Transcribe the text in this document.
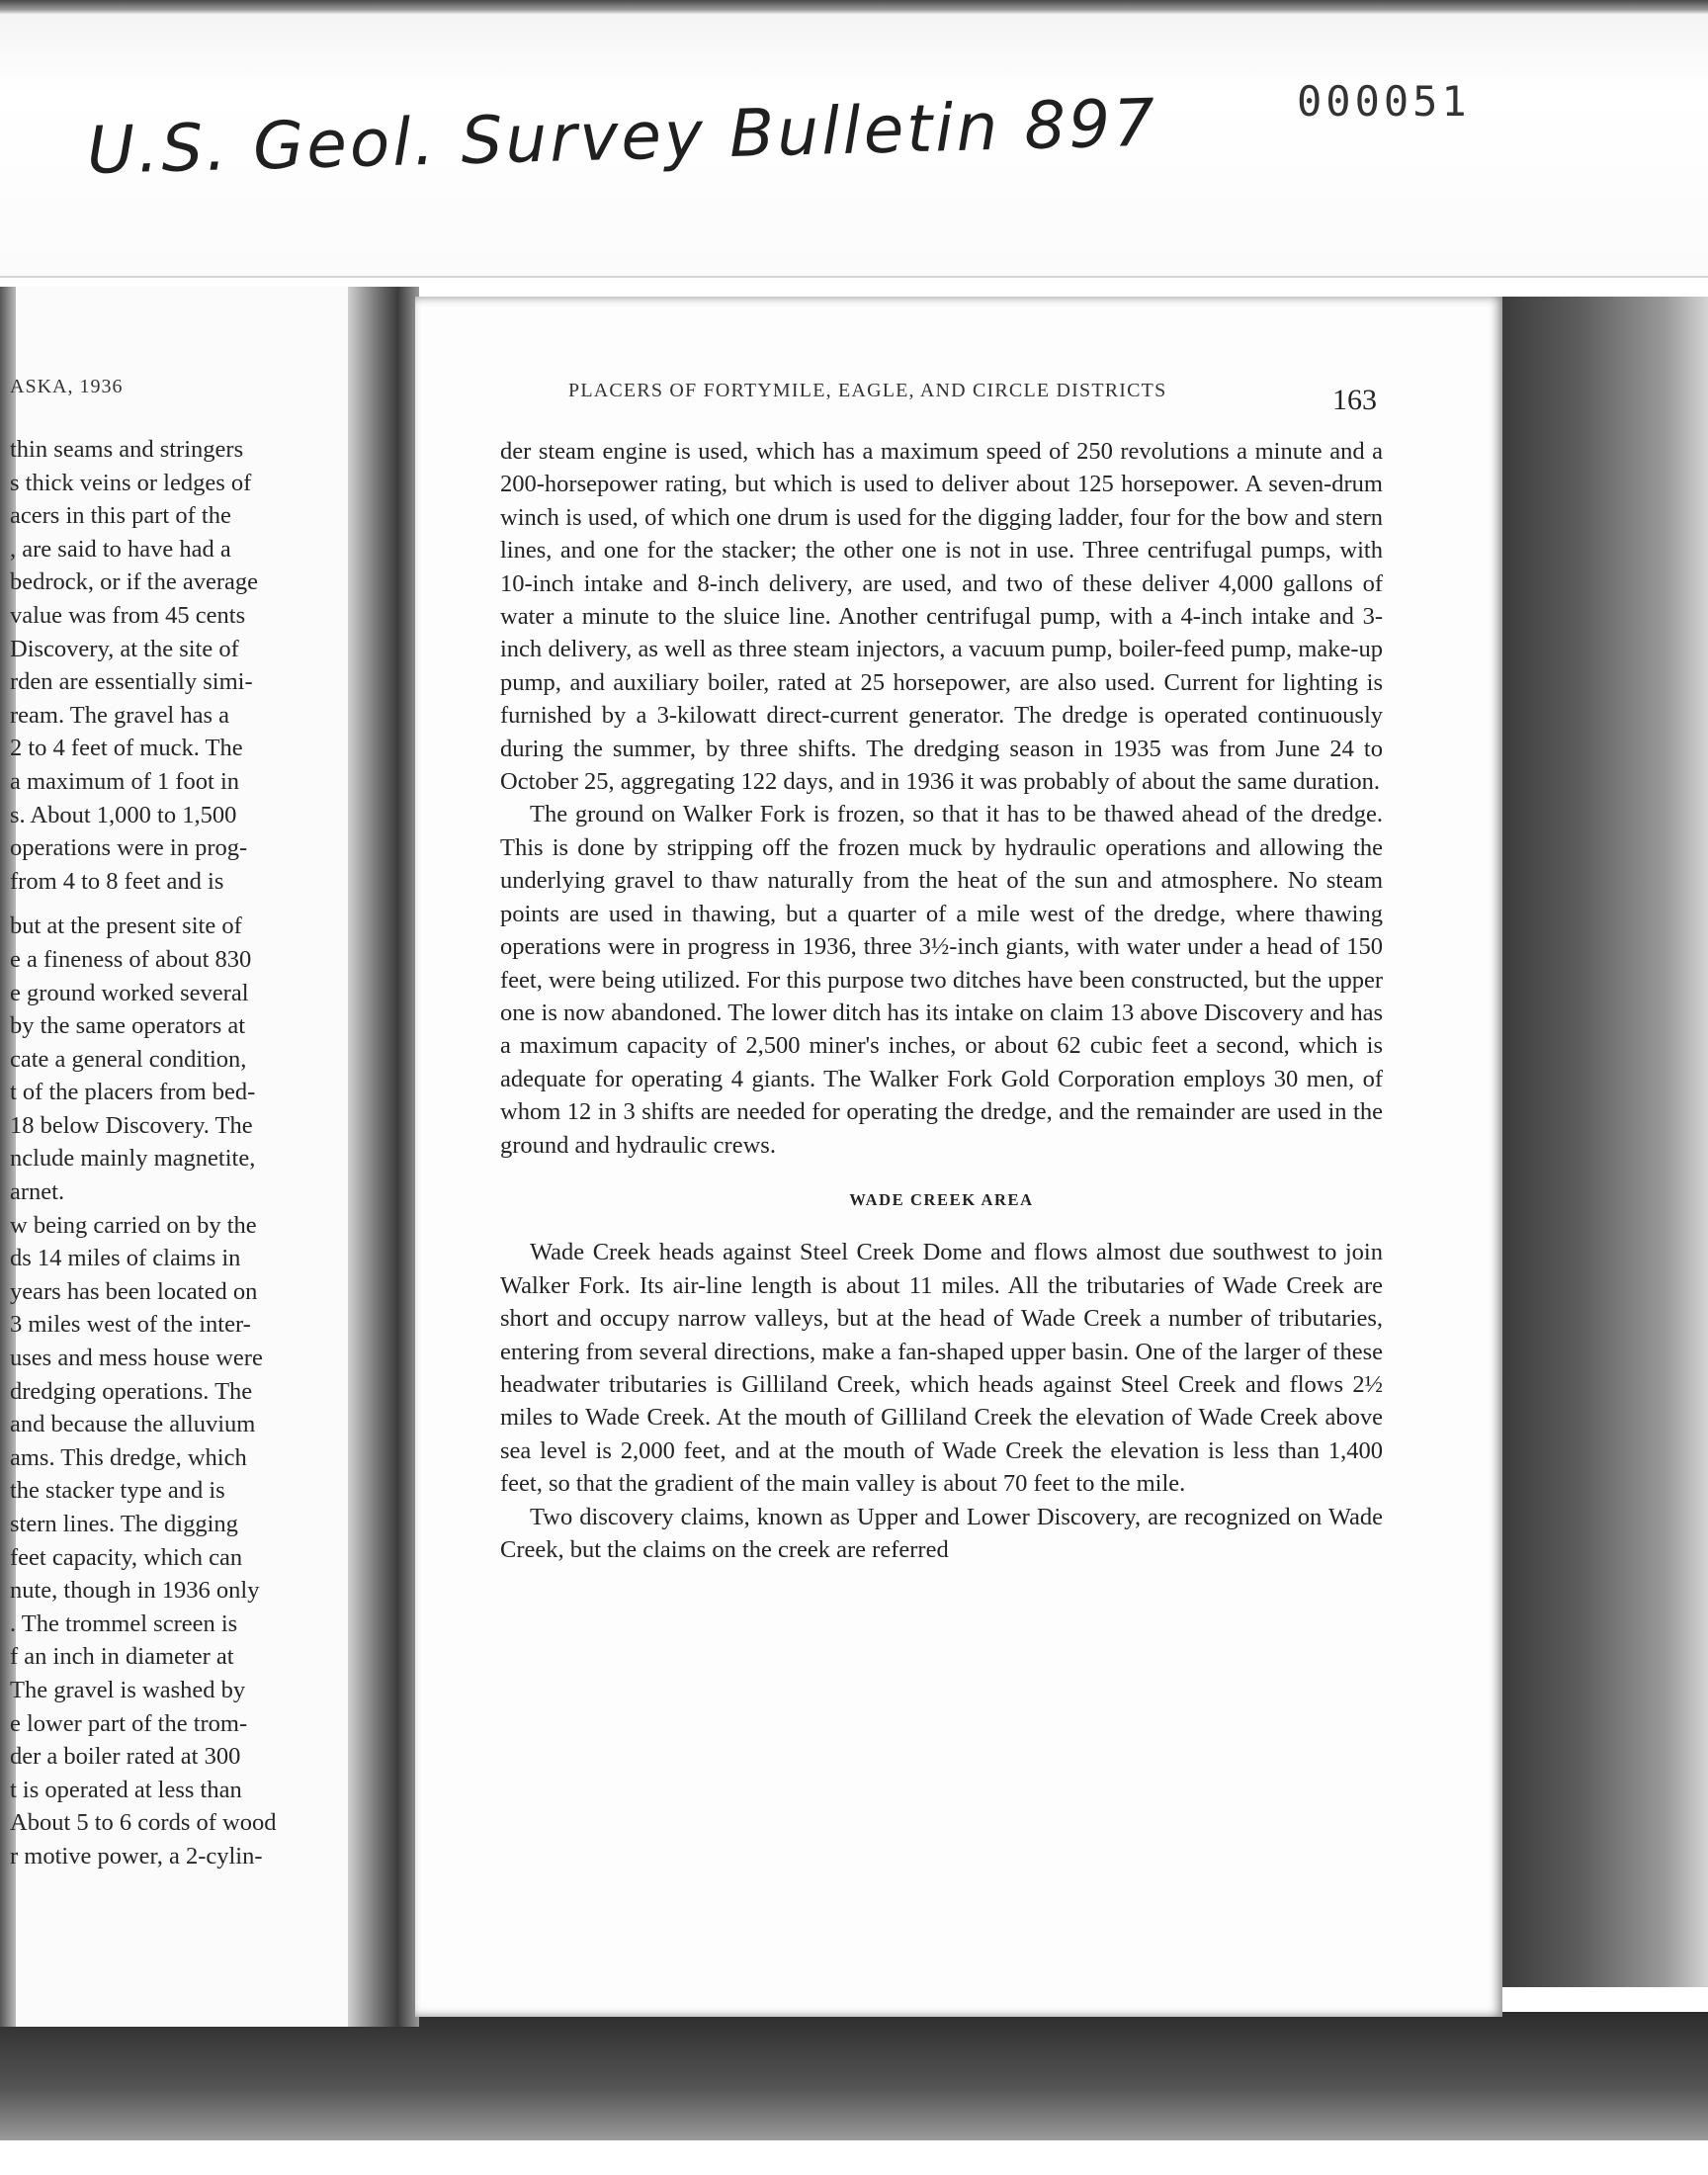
000051
U.S. Geol. Survey Bulletin 897
ASKA, 1936
thin seams and stringers
s thick veins or ledges of
acers in this part of the
, are said to have had a
bedrock, or if the average
value was from 45 cents
Discovery, at the site of
rden are essentially simi-
ream. The gravel has a
2 to 4 feet of muck. The
a maximum of 1 foot in
s. About 1,000 to 1,500
operations were in prog-
from 4 to 8 feet and is
but at the present site of
e a fineness of about 830
e ground worked several
by the same operators at
cate a general condition,
t of the placers from bed-
18 below Discovery. The
nclude mainly magnetite,
arnet.
w being carried on by the
ds 14 miles of claims in
years has been located on
3 miles west of the inter-
uses and mess house were
dredging operations. The
and because the alluvium
ams. This dredge, which
the stacker type and is
stern lines. The digging
feet capacity, which can
nute, though in 1936 only
. The trommel screen is
f an inch in diameter at
The gravel is washed by
e lower part of the trom-
der a boiler rated at 300
t is operated at less than
About 5 to 6 cords of wood
r motive power, a 2-cylin-
PLACERS OF FORTYMILE, EAGLE, AND CIRCLE DISTRICTS	163

der steam engine is used, which has a maximum speed of 250 revolutions a minute and a 200-horsepower rating, but which is used to deliver about 125 horsepower. A seven-drum winch is used, of which one drum is used for the digging ladder, four for the bow and stern lines, and one for the stacker; the other one is not in use. Three centrifugal pumps, with 10-inch intake and 8-inch delivery, are used, and two of these deliver 4,000 gallons of water a minute to the sluice line. Another centrifugal pump, with a 4-inch intake and 3-inch delivery, as well as three steam injectors, a vacuum pump, boiler-feed pump, make-up pump, and auxiliary boiler, rated at 25 horsepower, are also used. Current for lighting is furnished by a 3-kilowatt direct-current generator. The dredge is operated continuously during the summer, by three shifts. The dredging season in 1935 was from June 24 to October 25, aggregating 122 days, and in 1936 it was probably of about the same duration.

The ground on Walker Fork is frozen, so that it has to be thawed ahead of the dredge. This is done by stripping off the frozen muck by hydraulic operations and allowing the underlying gravel to thaw naturally from the heat of the sun and atmosphere. No steam points are used in thawing, but a quarter of a mile west of the dredge, where thawing operations were in progress in 1936, three 3½-inch giants, with water under a head of 150 feet, were being utilized. For this purpose two ditches have been constructed, but the upper one is now abandoned. The lower ditch has its intake on claim 13 above Discovery and has a maximum capacity of 2,500 miner's inches, or about 62 cubic feet a second, which is adequate for operating 4 giants. The Walker Fork Gold Corporation employs 30 men, of whom 12 in 3 shifts are needed for operating the dredge, and the remainder are used in the ground and hydraulic crews.

WADE CREEK AREA

Wade Creek heads against Steel Creek Dome and flows almost due southwest to join Walker Fork. Its air-line length is about 11 miles. All the tributaries of Wade Creek are short and occupy narrow valleys, but at the head of Wade Creek a number of tributaries, entering from several directions, make a fan-shaped upper basin. One of the larger of these headwater tributaries is Gilliland Creek, which heads against Steel Creek and flows 2½ miles to Wade Creek. At the mouth of Gilliland Creek the elevation of Wade Creek above sea level is 2,000 feet, and at the mouth of Wade Creek the elevation is less than 1,400 feet, so that the gradient of the main valley is about 70 feet to the mile.

Two discovery claims, known as Upper and Lower Discovery, are recognized on Wade Creek, but the claims on the creek are referred
